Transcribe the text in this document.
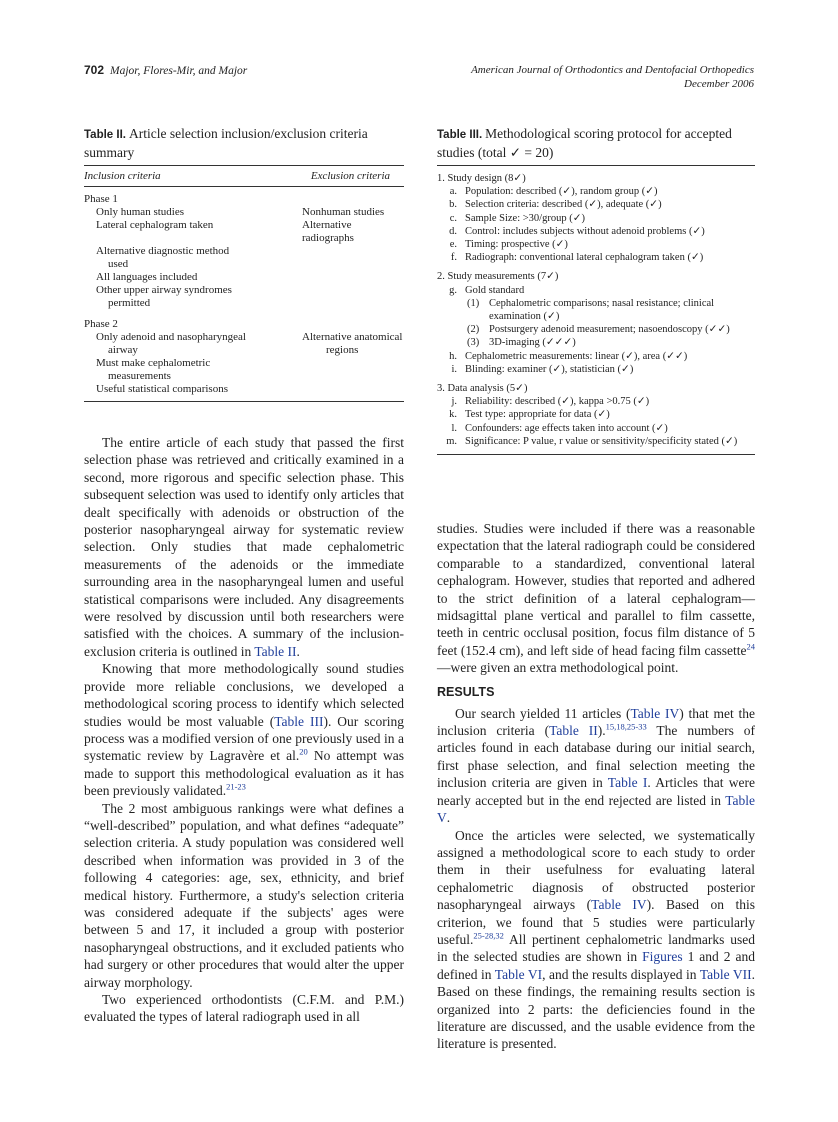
702 Major, Flores-Mir, and Major	American Journal of Orthodontics and Dentofacial Orthopedics
December 2006

Table II. Article selection inclusion/exclusion criteria summary

Inclusion criteria	Exclusion criteria
Phase 1
Only human studies	Nonhuman studies
Lateral cephalogram taken	Alternative radiographs
Alternative diagnostic method
used
All languages included
Other upper airway syndromes
permitted
Phase 2
Only adenoid and nasopharyngeal	Alternative anatomical
airway	regions
Must make cephalometric
measurements
Useful statistical comparisons

The entire article of each study that passed the first selection phase was retrieved and critically examined in a second, more rigorous and specific selection phase. This subsequent selection was used to identify only articles that dealt specifically with adenoids or obstruction of the posterior nasopharyngeal airway for systematic review selection. Only studies that made cephalometric measurements of the adenoids or the immediate surrounding area in the nasopharyngeal lumen and useful statistical comparisons were included. Any disagreements were resolved by discussion until both researchers were satisfied with the choices. A summary of the inclusion-exclusion criteria is outlined in Table II.

Knowing that more methodologically sound studies provide more reliable conclusions, we developed a methodological scoring process to identify which selected studies would be most valuable (Table III). Our scoring process was a modified version of one previously used in a systematic review by Lagravère et al.$^{20}$ No attempt was made to support this methodological evaluation as it has been previously validated.$^{21-23}$

The 2 most ambiguous rankings were what defines a “well-described” population, and what defines “adequate” selection criteria. A study population was considered well described when information was provided in 3 of the following 4 categories: age, sex, ethnicity, and brief medical history. Furthermore, a study's selection criteria was considered adequate if the subjects' ages were between 5 and 17, it included a group with posterior nasopharyngeal obstructions, and it excluded patients who had surgery or other procedures that would alter the upper airway morphology.

Two experienced orthodontists (C.F.M. and P.M.) evaluated the types of lateral radiograph used in all

Table III. Methodological scoring protocol for accepted studies (total ✓ = 20)

1. Study design (8✓)
a. Population: described (✓), random group (✓)
b. Selection criteria: described (✓), adequate (✓)
c. Sample Size: >30/group (✓)
d. Control: includes subjects without adenoid problems (✓)
e. Timing: prospective (✓)
f. Radiograph: conventional lateral cephalogram taken (✓)
2. Study measurements (7✓)
g. Gold standard
(1) Cephalometric comparisons; nasal resistance; clinical examination (✓)
(2) Postsurgery adenoid measurement; nasoendoscopy (✓✓)
(3) 3D-imaging (✓✓✓)
h. Cephalometric measurements: linear (✓), area (✓✓)
i. Blinding: examiner (✓), statistician (✓)
3. Data analysis (5✓)
j. Reliability: described (✓), kappa >0.75 (✓)
k. Test type: appropriate for data (✓)
l. Confounders: age effects taken into account (✓)
m. Significance: P value, r value or sensitivity/specificity stated (✓)

studies. Studies were included if there was a reasonable expectation that the lateral radiograph could be considered comparable to a standardized, conventional lateral cephalogram. However, studies that reported and adhered to the strict definition of a lateral cephalogram—midsagittal plane vertical and parallel to film cassette, teeth in centric occlusal position, focus film distance of 5 feet (152.4 cm), and left side of head facing film cassette$^{24}$—were given an extra methodological point.

RESULTS

Our search yielded 11 articles (Table IV) that met the inclusion criteria (Table II).$^{15,18,25-33}$ The numbers of articles found in each database during our initial search, first phase selection, and final selection meeting the inclusion criteria are given in Table I. Articles that were nearly accepted but in the end rejected are listed in Table V.

Once the articles were selected, we systematically assigned a methodological score to each study to order them in their usefulness for evaluating lateral cephalometric diagnosis of obstructed posterior nasopharyngeal airways (Table IV). Based on this criterion, we found that 5 studies were particularly useful.$^{25-28,32}$ All pertinent cephalometric landmarks used in the selected studies are shown in Figures 1 and 2 and defined in Table VI, and the results displayed in Table VII. Based on these findings, the remaining results section is organized into 2 parts: the deficiencies found in the literature are discussed, and the usable evidence from the literature is presented.
